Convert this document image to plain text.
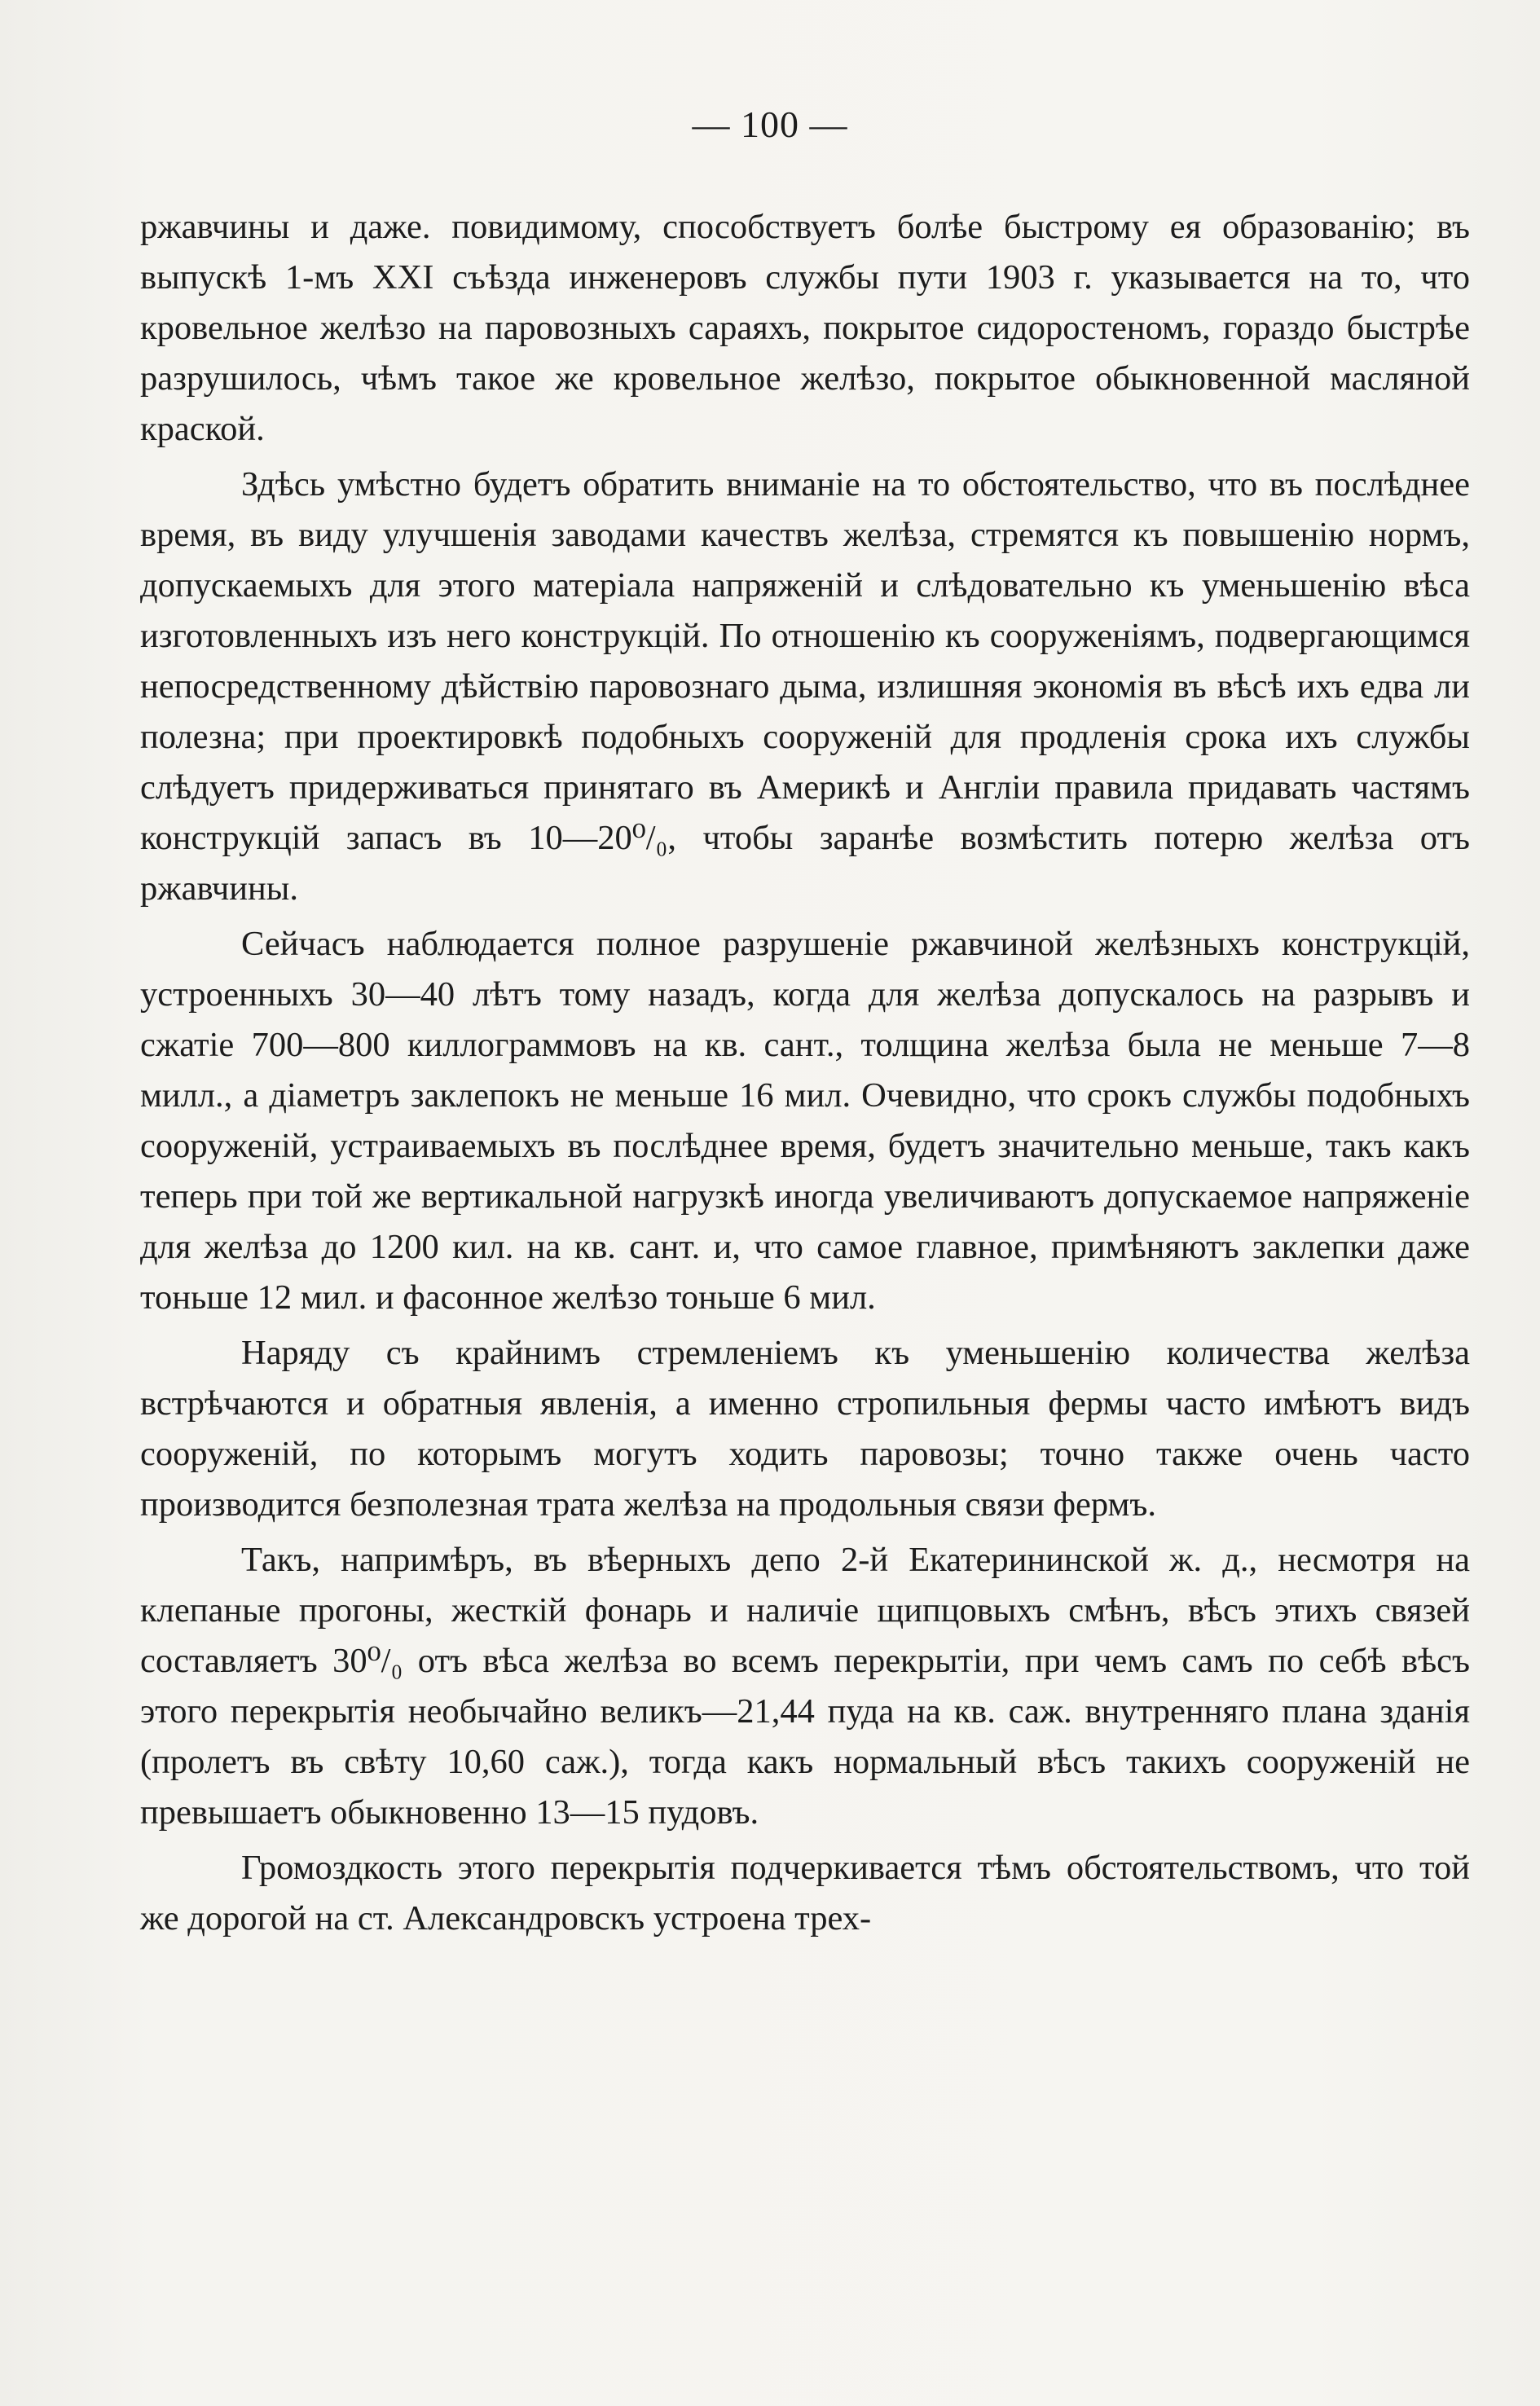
— 100 —

ржавчины и даже. повидимому, способствуетъ болѣе быстрому ея образованію; въ выпускѣ 1-мъ XXI съѣзда инженеровъ службы пути 1903 г. указывается на то, что кровельное желѣзо на паровозныхъ сараяхъ, покрытое сидоростеномъ, гораздо быстрѣе разрушилось, чѣмъ такое же кровельное желѣзо, покрытое обыкновенной масляной краской.

Здѣсь умѣстно будетъ обратить вниманіе на то обстоятельство, что въ послѣднее время, въ виду улучшенія заводами качествъ желѣза, стремятся къ повышенію нормъ, допускаемыхъ для этого матеріала напряженій и слѣдовательно къ уменьшенію вѣса изготовленныхъ изъ него конструкцій. По отношенію къ сооруженіямъ, подвергающимся непосредственному дѣйствію паровознаго дыма, излишняя экономія въ вѣсѣ ихъ едва ли полезна; при проектировкѣ подобныхъ сооруженій для продленія срока ихъ службы слѣдуетъ придерживаться принятаго въ Америкѣ и Англіи правила придавать частямъ конструкцій запасъ въ 10—20⁰/₀, чтобы заранѣе возмѣстить потерю желѣза отъ ржавчины.

Сейчасъ наблюдается полное разрушеніе ржавчиной желѣзныхъ конструкцій, устроенныхъ 30—40 лѣтъ тому назадъ, когда для желѣза допускалось на разрывъ и сжатіе 700—800 киллограммовъ на кв. сант., толщина желѣза была не меньше 7—8 милл., а діаметръ заклепокъ не меньше 16 мил. Очевидно, что срокъ службы подобныхъ сооруженій, устраиваемыхъ въ послѣднее время, будетъ значительно меньше, такъ какъ теперь при той же вертикальной нагрузкѣ иногда увеличиваютъ допускаемое напряженіе для желѣза до 1200 кил. на кв. сант. и, что самое главное, примѣняютъ заклепки даже тоньше 12 мил. и фасонное желѣзо тоньше 6 мил.

Наряду съ крайнимъ стремленіемъ къ уменьшенію количества желѣза встрѣчаются и обратныя явленія, а именно стропильныя фермы часто имѣютъ видъ сооруженій, по которымъ могутъ ходить паровозы; точно также очень часто производится безполезная трата желѣза на продольныя связи фермъ.

Такъ, напримѣръ, въ вѣерныхъ депо 2-й Екатерининской ж. д., несмотря на клепаные прогоны, жесткій фонарь и наличіе щипцовыхъ смѣнъ, вѣсъ этихъ связей составляетъ 30⁰/₀ отъ вѣса желѣза во всемъ перекрытіи, при чемъ самъ по себѣ вѣсъ этого перекрытія необычайно великъ—21,44 пуда на кв. саж. внутренняго плана зданія (пролетъ въ свѣту 10,60 саж.), тогда какъ нормальный вѣсъ такихъ сооруженій не превышаетъ обыкновенно 13—15 пудовъ.

Громоздкость этого перекрытія подчеркивается тѣмъ обстоятельствомъ, что той же дорогой на ст. Александровскъ устроена трех-
